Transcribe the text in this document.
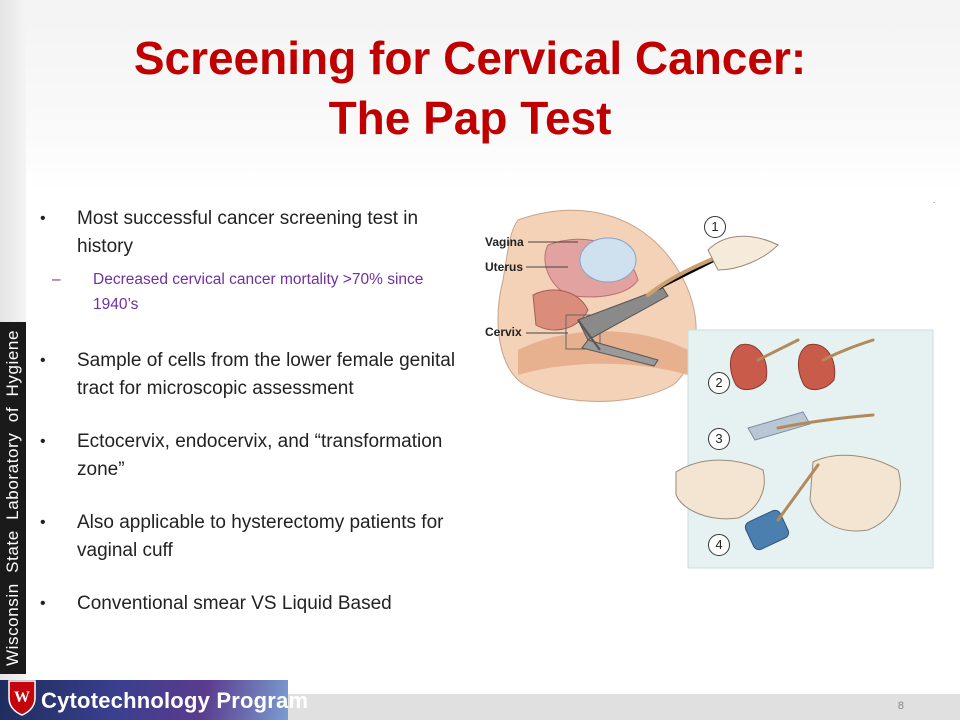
Wisconsin State Laboratory of Hygiene
Screening for Cervical Cancer:
The Pap Test
• Most successful cancer screening test in history
– Decreased cervical cancer mortality >70% since 1940’s
• Sample of cells from the lower female genital tract for microscopic assessment
• Ectocervix, endocervix, and “transformation zone”
• Also applicable to hysterectomy patients for vaginal cuff
• Conventional smear VS Liquid Based
.
Vagina
Uterus
Cervix
1
2
3
4
8
W Cytotechnology Program
